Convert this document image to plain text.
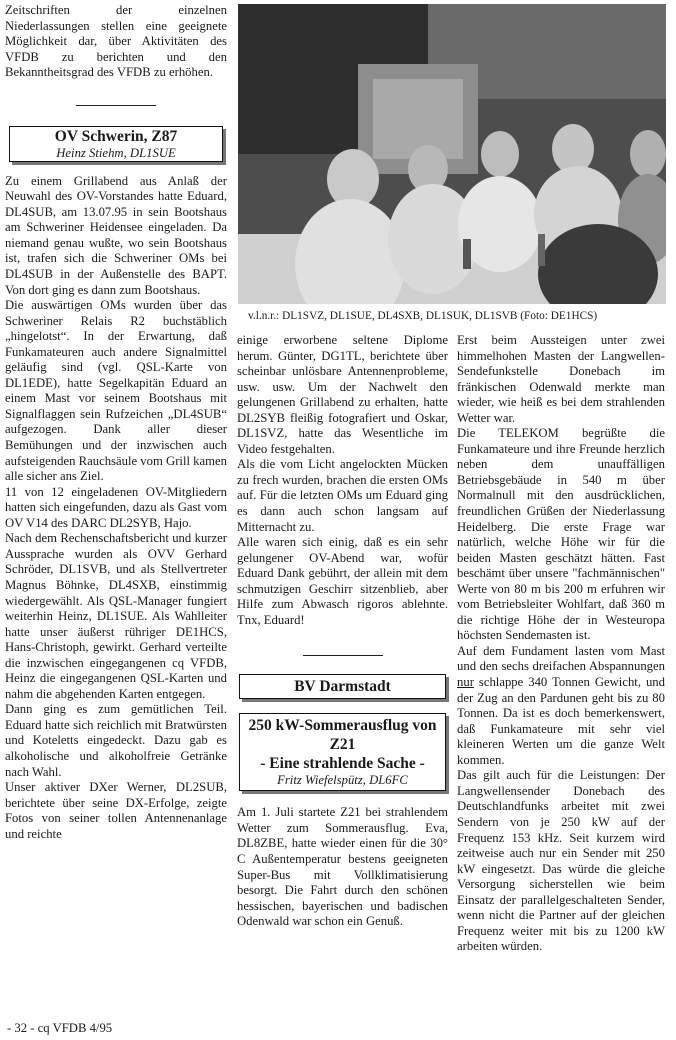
Zeitschriften der einzelnen Niederlassungen stellen eine geeignete Möglichkeit dar, über Aktivitäten des VFDB zu berichten und den Bekanntheitsgrad des VFDB zu erhöhen.

OV Schwerin, Z87
Heinz Stiehm, DL1SUE

Zu einem Grillabend aus Anlaß der Neuwahl des OV-Vorstandes hatte Eduard, DL4SUB, am 13.07.95 in sein Bootshaus am Schweriner Heidensee eingeladen. Da niemand genau wußte, wo sein Bootshaus ist, trafen sich die Schweriner OMs bei DL4SUB in der Außenstelle des BAPT. Von dort ging es dann zum Bootshaus.

Die auswärtigen OMs wurden über das Schweriner Relais R2 buchstäblich „hingelotst“. In der Erwartung, daß Funkamateuren auch andere Signalmittel geläufig sind (vgl. QSL-Karte von DL1EDE), hatte Segelkapitän Eduard an einem Mast vor seinem Bootshaus mit Signalflaggen sein Rufzeichen „DL4SUB“ aufgezogen. Dank aller dieser Bemühungen und der inzwischen auch aufsteigenden Rauchsäule vom Grill kamen alle sicher ans Ziel.

11 von 12 eingeladenen OV-Mitgliedern hatten sich eingefunden, dazu als Gast vom OV V14 des DARC DL2SYB, Hajo.

Nach dem Rechenschaftsbericht und kurzer Aussprache wurden als OVV Gerhard Schröder, DL1SVB, und als Stellvertreter Magnus Böhnke, DL4SXB, einstimmig wiedergewählt. Als QSL-Manager fungiert weiterhin Heinz, DL1SUE. Als Wahlleiter hatte unser äußerst rühriger DE1HCS, Hans-Christoph, gewirkt. Gerhard verteilte die inzwischen eingegangenen cq VFDB, Heinz die eingegangenen QSL-Karten und nahm die abgehenden Karten entgegen.

Dann ging es zum gemütlichen Teil. Eduard hatte sich reichlich mit Bratwürsten und Koteletts eingedeckt. Dazu gab es alkoholische und alkoholfreie Getränke nach Wahl.

Unser aktiver DXer Werner, DL2SUB, berichtete über seine DX-Erfolge, zeigte Fotos von seiner tollen Antennenanlage und reichte

v.l.n.r.: DL1SVZ, DL1SUE, DL4SXB, DL1SUK, DL1SVB (Foto: DE1HCS)

einige erworbene seltene Diplome herum. Günter, DG1TL, berichtete über scheinbar unlösbare Antennenprobleme, usw. usw. Um der Nachwelt den gelungenen Grillabend zu erhalten, hatte DL2SYB fleißig fotografiert und Oskar, DL1SVZ, hatte das Wesentliche im Video festgehalten.

Als die vom Licht angelockten Mücken zu frech wurden, brachen die ersten OMs auf. Für die letzten OMs um Eduard ging es dann auch schon langsam auf Mitternacht zu.

Alle waren sich einig, daß es ein sehr gelungener OV-Abend war, wofür Eduard Dank gebührt, der allein mit dem schmutzigen Geschirr sitzenblieb, aber Hilfe zum Abwasch rigoros ablehnte. Tnx, Eduard!

BV Darmstadt
250 kW-Sommerausflug von Z21
- Eine strahlende Sache -
Fritz Wiefelspütz, DL6FC

Am 1. Juli startete Z21 bei strahlendem Wetter zum Sommerausflug. Eva, DL8ZBE, hatte wieder einen für die 30° C Außentemperatur bestens geeigneten Super-Bus mit Vollklimatisierung besorgt. Die Fahrt durch den schönen hessischen, bayerischen und badischen Odenwald war schon ein Genuß.

Erst beim Aussteigen unter zwei himmelhohen Masten der Langwellen-Sendefunkstelle Donebach im fränkischen Odenwald merkte man wieder, wie heiß es bei dem strahlenden Wetter war.

Die TELEKOM begrüßte die Funkamateure und ihre Freunde herzlich neben dem unauffälligen Betriebsgebäude in 540 m über Normalnull mit den ausdrücklichen, freundlichen Grüßen der Niederlassung Heidelberg. Die erste Frage war natürlich, welche Höhe wir für die beiden Masten geschätzt hätten. Fast beschämt über unsere "fachmännischen" Werte von 80 m bis 200 m erfuhren wir vom Betriebsleiter Wohlfart, daß 360 m die richtige Höhe der in Westeuropa höchsten Sendemasten ist.

Auf dem Fundament lasten vom Mast und den sechs dreifachen Abspannungen nur schlappe 340 Tonnen Gewicht, und der Zug an den Pardunen geht bis zu 80 Tonnen. Da ist es doch bemerkenswert, daß Funkamateure mit sehr viel kleineren Werten um die ganze Welt kommen.

Das gilt auch für die Leistungen: Der Langwellensender Donebach des Deutschlandfunks arbeitet mit zwei Sendern von je 250 kW auf der Frequenz 153 kHz. Seit kurzem wird zeitweise auch nur ein Sender mit 250 kW eingesetzt. Das würde die gleiche Versorgung sicherstellen wie beim Einsatz der parallelgeschalteten Sender, wenn nicht die Partner auf der gleichen Frequenz weiter mit bis zu 1200 kW arbeiten würden.

- 32 - cq VFDB 4/95
